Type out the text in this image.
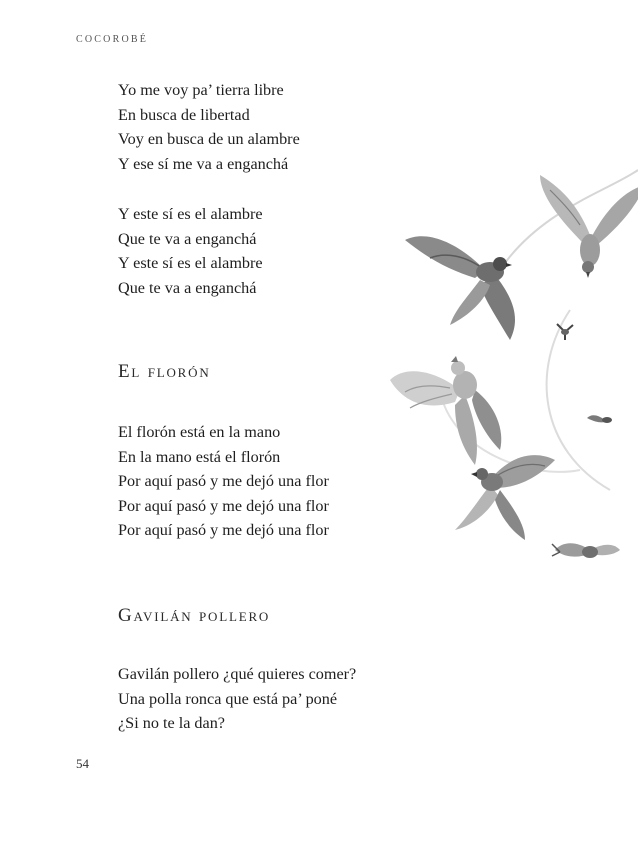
COCOROBÉ
Yo me voy pa’ tierra libre
En busca de libertad
Voy en busca de un alambre
Y ese sí me va a enganchá
Y este sí es el alambre
Que te va a enganchá
Y este sí es el alambre
Que te va a enganchá
El florón
El florón está en la mano
En la mano está el florón
Por aquí pasó y me dejó una flor
Por aquí pasó y me dejó una flor
Por aquí pasó y me dejó una flor
Gavilán pollero
Gavilán pollero ¿qué quieres comer?
Una polla ronca que está pa’ poné
¿Si no te la dan?
54
